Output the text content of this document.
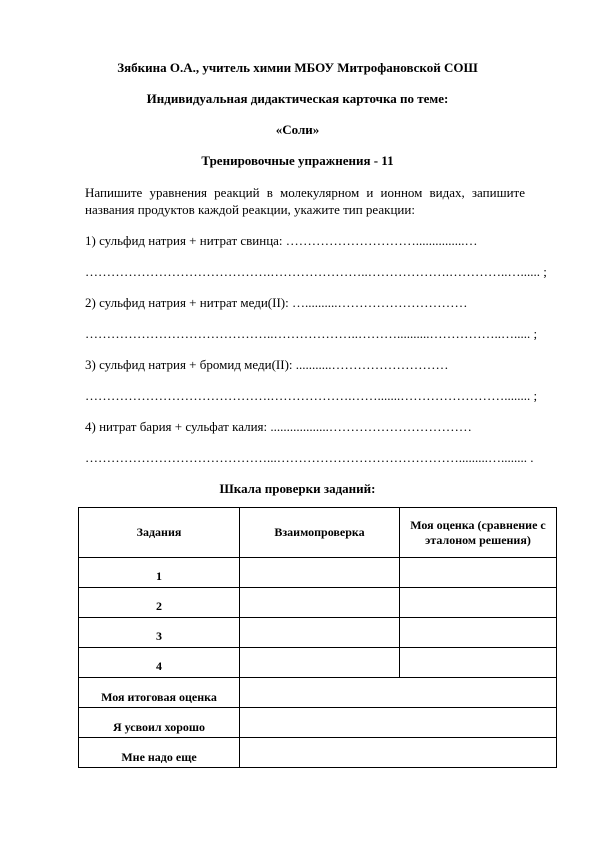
Зябкина О.А., учитель химии МБОУ Митрофановской СОШ
Индивидуальная дидактическая карточка по теме:
«Соли»
Тренировочные упражнения - 11
Напишите уравнения реакций в молекулярном и ионном видах, запишите названия продуктов каждой реакции, укажите тип реакции:
1) сульфид натрия + нитрат свинца: …………………………...............…
…………………………………….…………………..……………….…………..…...... ;
2) сульфид натрия + нитрат меди(II): …..........…………………………
……………………………………..………………..………..........……………..…..... ;
3) сульфид натрия + бромид меди(II): ...........………………………
…………………………………….……………….…….......……………………........ ;
4) нитрат бария + сульфат калия: ..................……………………………
……………………………………...…………………………………….........…........ .
Шкала проверки заданий:
Задания	Взаимопроверка	Моя оценка (сравнение с эталоном решения)
1		
2		
3		
4		
Моя итоговая оценка		
Я усвоил хорошо		
Мне надо еще		
